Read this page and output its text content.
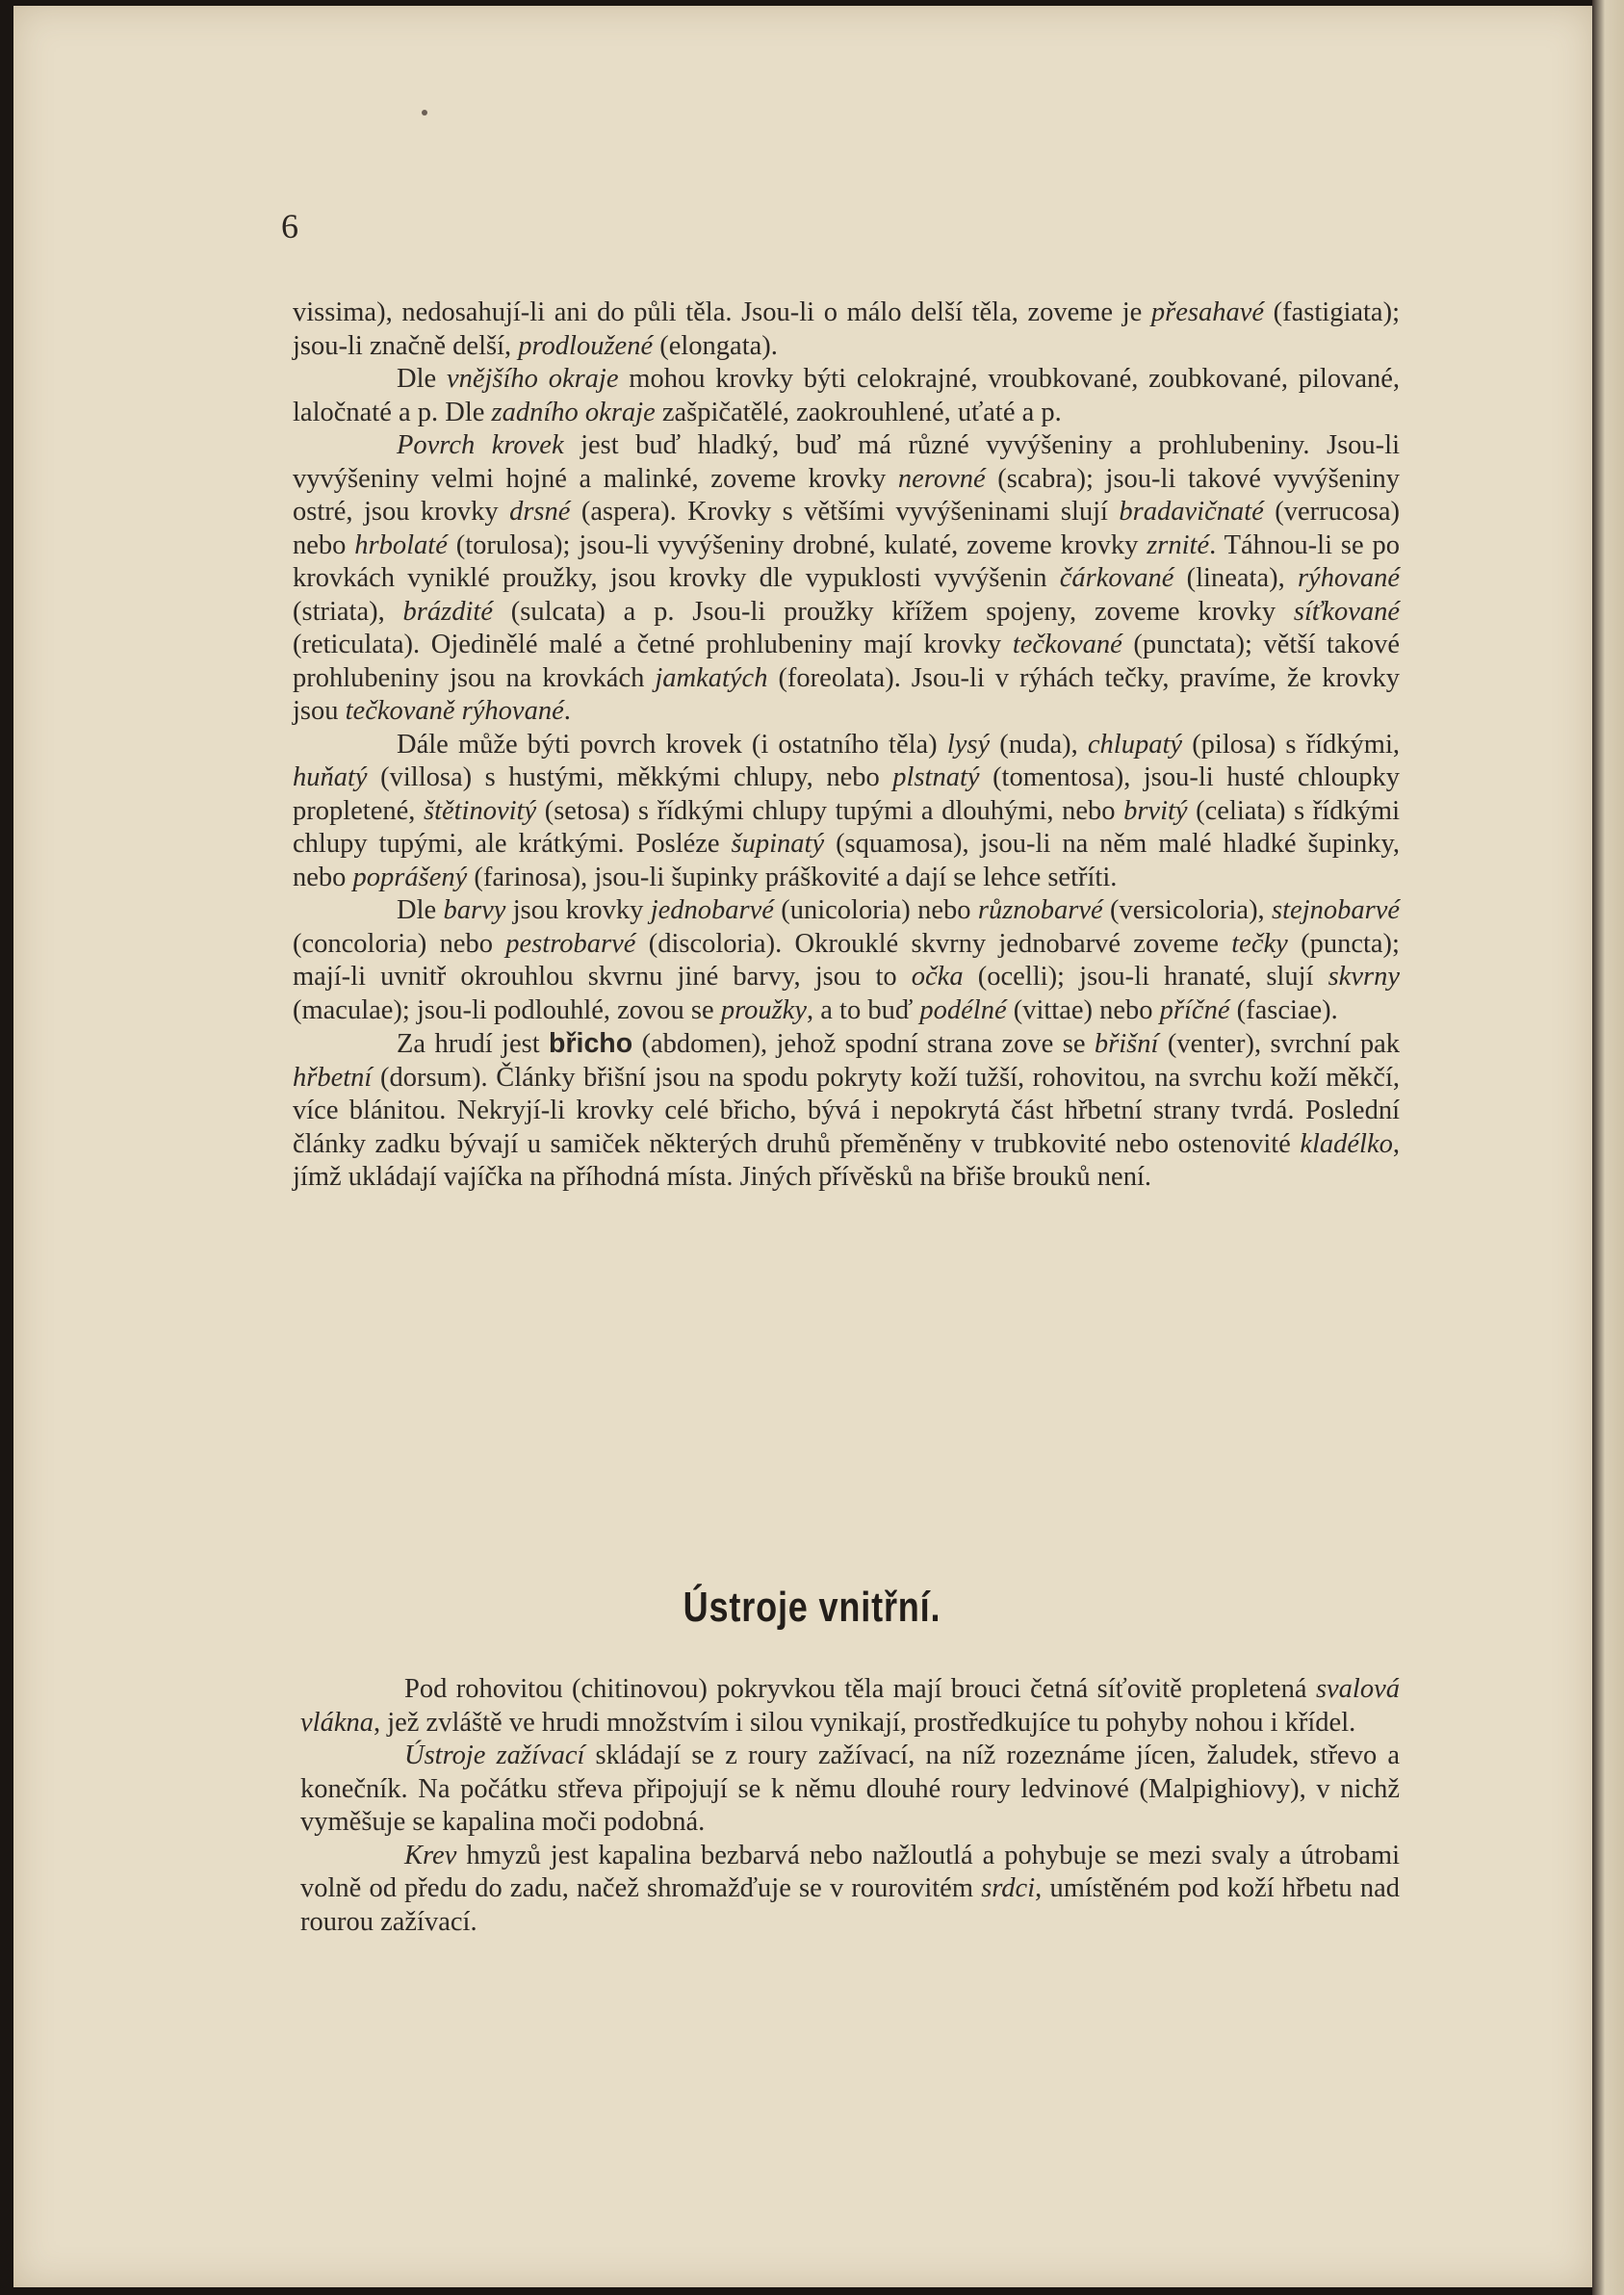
6

vissima), nedosahují-li ani do půli těla. Jsou-li o málo delší těla, zoveme je přesahavé (fastigiata); jsou-li značně delší, prodloužené (elongata).

Dle vnějšího okraje mohou krovky býti celokrajné, vroubkované, zoubkované, pilované, laločnaté a p. Dle zadního okraje zašpičatělé, zaokrouhlené, uťaté a p.

Povrch krovek jest buď hladký, buď má různé vyvýšeniny a prohlubeniny. Jsou-li vyvýšeniny velmi hojné a malinké, zoveme krovky nerovné (scabra); jsou-li takové vyvýšeniny ostré, jsou krovky drsné (aspera). Krovky s většími vyvýšeninami slují bradavičnaté (verrucosa) nebo hrbolaté (torulosa); jsou-li vyvýšeniny drobné, kulaté, zoveme krovky zrnité. Táhnou-li se po krovkách vyniklé proužky, jsou krovky dle vypuklosti vyvýšenin čárkované (lineata), rýhované (striata), brázdité (sulcata) a p. Jsou-li proužky křížem spojeny, zoveme krovky síťkované (reticulata). Ojedinělé malé a četné prohlubeniny mají krovky tečkované (punctata); větší takové prohlubeniny jsou na krovkách jamkatých (foreolata). Jsou-li v rýhách tečky, pravíme, že krovky jsou tečkovaně rýhované.

Dále může býti povrch krovek (i ostatního těla) lysý (nuda), chlupatý (pilosa) s řídkými, huňatý (villosa) s hustými, měkkými chlupy, nebo plstnatý (tomentosa), jsou-li husté chloupky propletené, štětinovitý (setosa) s řídkými chlupy tupými a dlouhými, nebo brvitý (celiata) s řídkými chlupy tupými, ale krátkými. Posléze šupinatý (squamosa), jsou-li na něm malé hladké šupinky, nebo poprášený (farinosa), jsou-li šupinky práškovité a dají se lehce setříti.

Dle barvy jsou krovky jednobarvé (unicoloria) nebo různobarvé (versicoloria), stejnobarvé (concoloria) nebo pestrobarvé (discoloria). Okrouklé skvrny jednobarvé zoveme tečky (puncta); mají-li uvnitř okrouhlou skvrnu jiné barvy, jsou to očka (ocelli); jsou-li hranaté, slují skvrny (maculae); jsou-li podlouhlé, zovou se proužky, a to buď podélné (vittae) nebo příčné (fasciae).

Za hrudí jest břicho (abdomen), jehož spodní strana zove se břišní (venter), svrchní pak hřbetní (dorsum). Články břišní jsou na spodu pokryty koží tužší, rohovitou, na svrchu koží měkčí, více blánitou. Nekryjí-li krovky celé břicho, bývá i nepokrytá část hřbetní strany tvrdá. Poslední články zadku bývají u samiček některých druhů přeměněny v trubkovité nebo ostenovité kladélko, jímž ukládají vajíčka na příhodná místa. Jiných přívěsků na břiše brouků není.

Ústroje vnitřní.

Pod rohovitou (chitinovou) pokryvkou těla mají brouci četná síťovitě propletená svalová vlákna, jež zvláště ve hrudi množstvím i silou vynikají, prostředkujíce tu pohyby nohou i křídel.

Ústroje zažívací skládají se z roury zažívací, na níž rozeznáme jícen, žaludek, střevo a konečník. Na počátku střeva připojují se k němu dlouhé roury ledvinové (Malpighiovy), v nichž vyměšuje se kapalina moči podobná.

Krev hmyzů jest kapalina bezbarvá nebo nažloutlá a pohybuje se mezi svaly a útrobami volně od předu do zadu, načež shromažďuje se v rourovitém srdci, umístěném pod koží hřbetu nad rourou zažívací.
